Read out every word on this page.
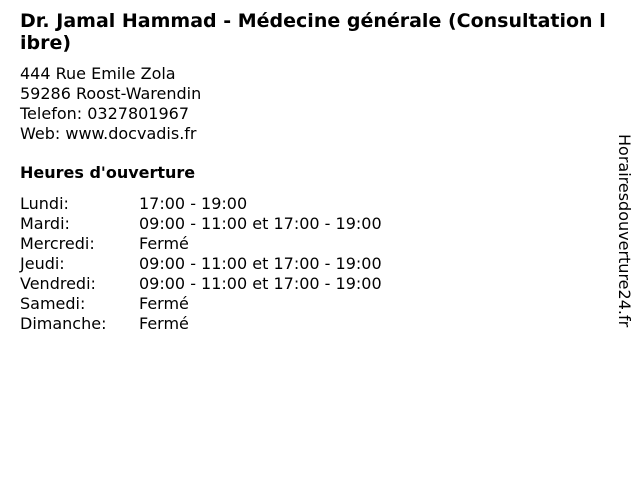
Dr. Jamal Hammad - Médecine générale (Consultation libre)
444 Rue Emile Zola
59286 Roost-Warendin
Telefon: 0327801967
Web: www.docvadis.fr
Heures d'ouverture
Lundi:	17:00 - 19:00
Mardi:	09:00 - 11:00 et 17:00 - 19:00
Mercredi:	Fermé
Jeudi:	09:00 - 11:00 et 17:00 - 19:00
Vendredi:	09:00 - 11:00 et 17:00 - 19:00
Samedi:	Fermé
Dimanche:	Fermé	Horairesdouverture24.fr
